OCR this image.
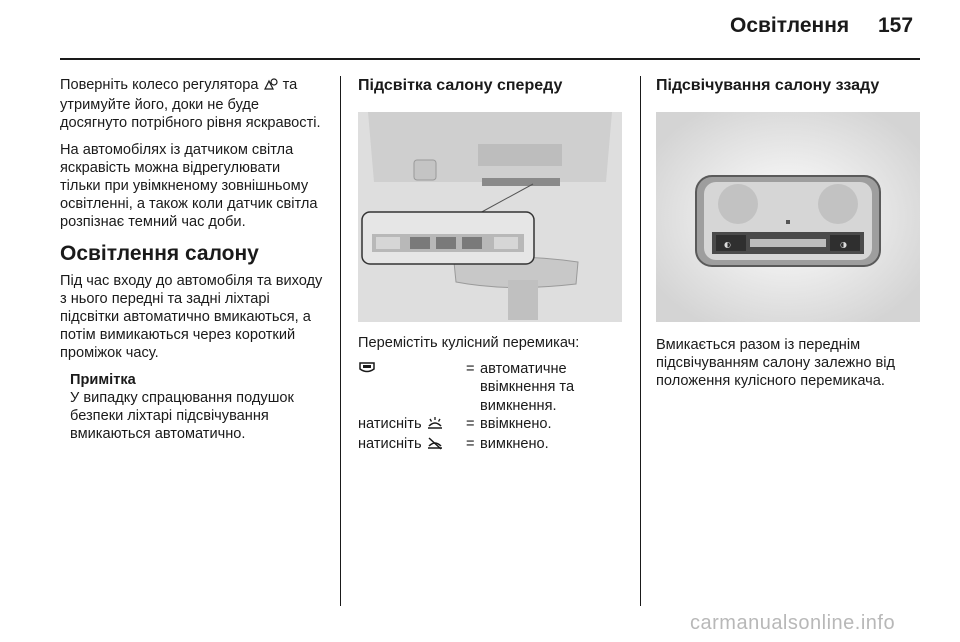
Освітлення 157

Поверніть колесо регулятора  та утримуйте його, доки не буде досягнуто потрібного рівня яскравості.

На автомобілях із датчиком світла яскравість можна відрегулювати тільки при увімкненому зовнішньому освітленні, а також коли датчик світла розпізнає темний час доби.

Освітлення салону

Під час входу до автомобіля та виходу з нього передні та задні ліхтарі підсвітки автоматично вмикаються, а потім вимикаються через короткий проміжок часу.

Примітка
У випадку спрацювання подушок безпеки ліхтарі підсвічування вмикаються автоматично.
Підсвітка салону спереду

Перемістіть кулісний перемикач:

= автоматичне ввімкнення та вимкнення.
натисніть	= ввімкнено.
натисніть	= вимкнено.
Підсвічування салону ззаду
◐	◑

Вмикається разом із переднім підсвічуванням салону залежно від положення кулісного перемикача.

carmanualsonline.info
